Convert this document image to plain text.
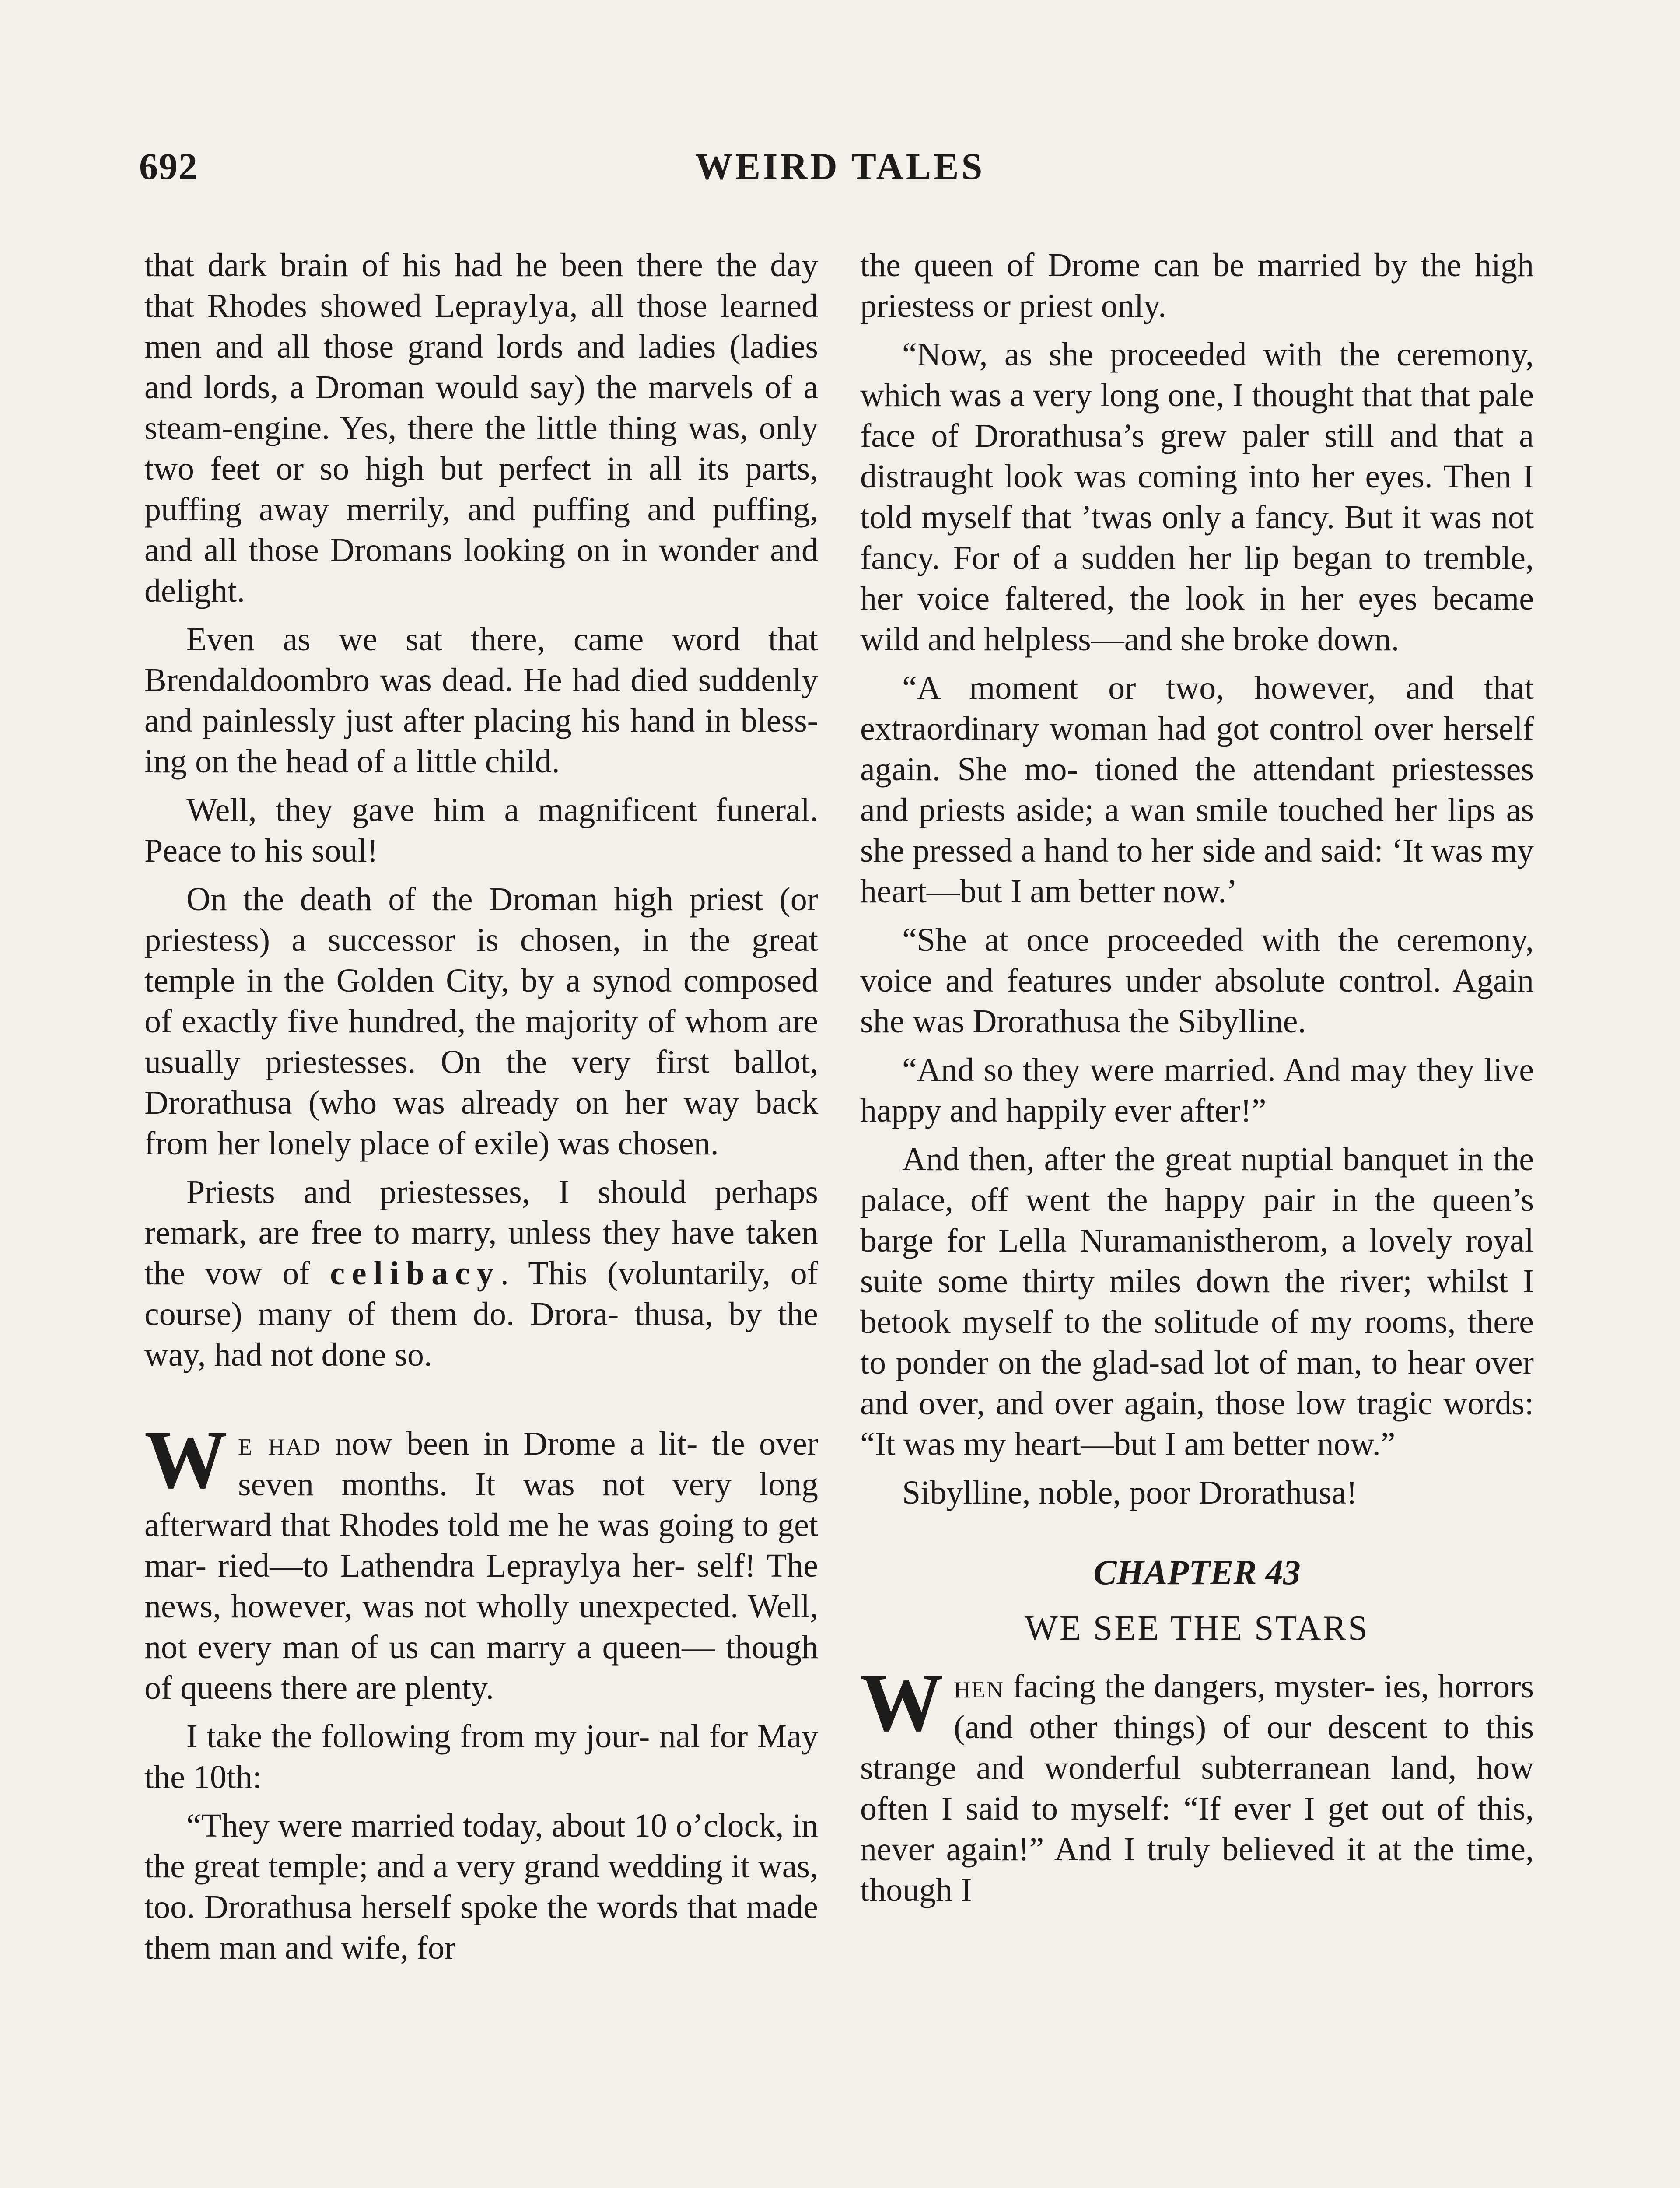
692	WEIRD TALES

that dark brain of his had he been there the day that Rhodes showed Lepraylya, all those learned men and all those grand lords and ladies (ladies and lords, a Droman would say) the marvels of a steam-engine. Yes, there the little thing was, only two feet or so high but perfect in all its parts, puffing away merrily, and puffing and puffing, and all those Dromans looking on in wonder and delight.

Even as we sat there, came word that Brendaldoombro was dead. He had died suddenly and painlessly just after placing his hand in bless- ing on the head of a little child.

Well, they gave him a magnificent funeral. Peace to his soul!

On the death of the Droman high priest (or priestess) a successor is chosen, in the great temple in the Golden City, by a synod composed of exactly five hundred, the majority of whom are usually priestesses. On the very first ballot, Drorathusa (who was already on her way back from her lonely place of exile) was chosen.

Priests and priestesses, I should perhaps remark, are free to marry, unless they have taken the vow of celibacy. This (voluntarily, of course) many of them do. Drora- thusa, by the way, had not done so.

We had now been in Drome a lit- tle over seven months. It was not very long afterward that Rhodes told me he was going to get mar- ried—to Lathendra Lepraylya her- self! The news, however, was not wholly unexpected. Well, not every man of us can marry a queen— though of queens there are plenty.

I take the following from my jour- nal for May the 10th:

“They were married today, about 10 o’clock, in the great temple; and a very grand wedding it was, too. Drorathusa herself spoke the words that made them man and wife, for

the queen of Drome can be married by the high priestess or priest only.

“Now, as she proceeded with the ceremony, which was a very long one, I thought that that pale face of Drorathusa’s grew paler still and that a distraught look was coming into her eyes. Then I told myself that ’twas only a fancy. But it was not fancy. For of a sudden her lip began to tremble, her voice faltered, the look in her eyes became wild and helpless—and she broke down.

“A moment or two, however, and that extraordinary woman had got control over herself again. She mo- tioned the attendant priestesses and priests aside; a wan smile touched her lips as she pressed a hand to her side and said: ‘It was my heart—but I am better now.’

“She at once proceeded with the ceremony, voice and features under absolute control. Again she was Drorathusa the Sibylline.

“And so they were married. And may they live happy and happily ever after!”

And then, after the great nuptial banquet in the palace, off went the happy pair in the queen’s barge for Lella Nuramanistherom, a lovely royal suite some thirty miles down the river; whilst I betook myself to the solitude of my rooms, there to ponder on the glad-sad lot of man, to hear over and over, and over again, those low tragic words: “It was my heart—but I am better now.”

Sibylline, noble, poor Drorathusa!

CHAPTER 43
WE SEE THE STARS

When facing the dangers, myster- ies, horrors (and other things) of our descent to this strange and wonderful subterranean land, how often I said to myself: “If ever I get out of this, never again!” And I truly believed it at the time, though I
